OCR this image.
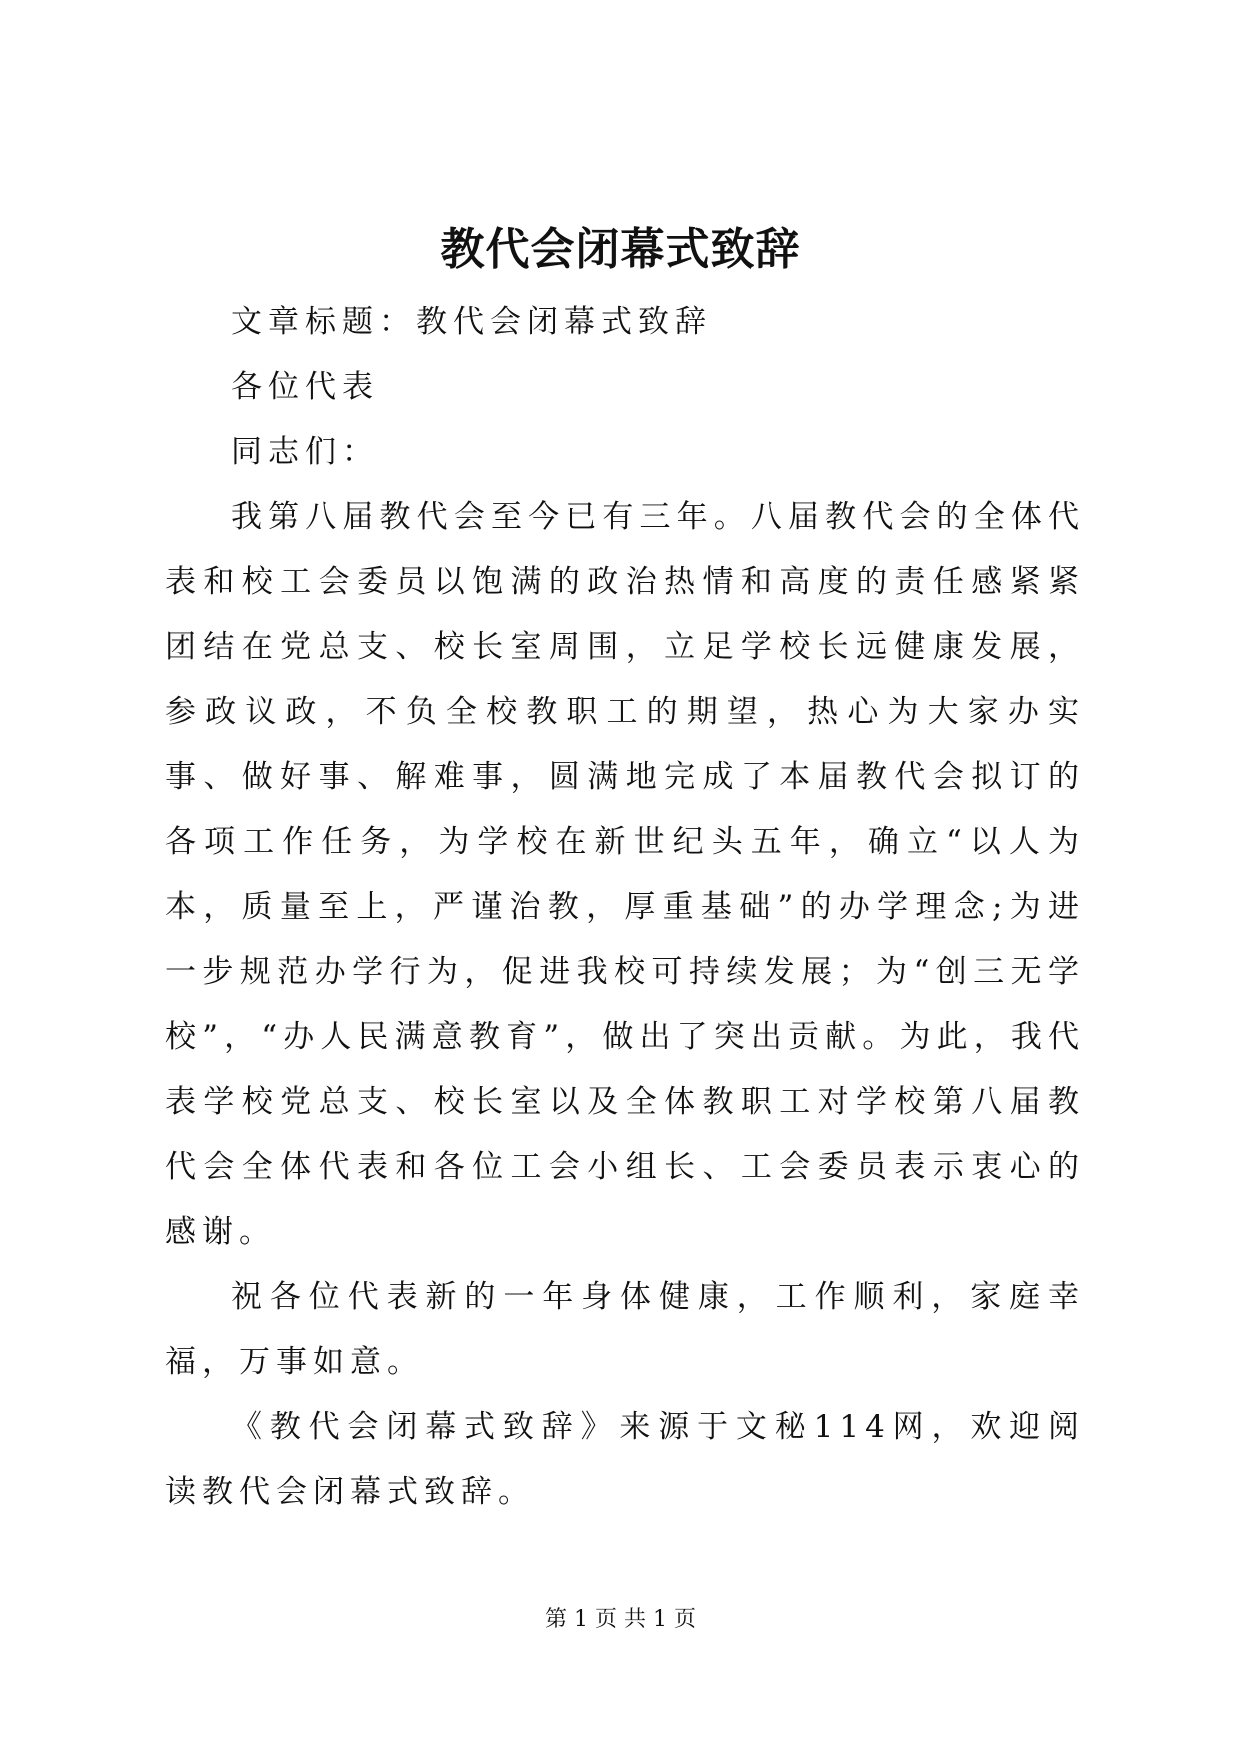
教代会闭幕式致辞

文章标题：教代会闭幕式致辞

各位代表

同志们：

我第八届教代会至今已有三年。八届教代会的全体代表和校工会委员以饱满的政治热情和高度的责任感紧紧团结在党总支、校长室周围，立足学校长远健康发展，参政议政，不负全校教职工的期望，热心为大家办实事、做好事、解难事，圆满地完成了本届教代会拟订的各项工作任务，为学校在新世纪头五年，确立“以人为本，质量至上，严谨治教，厚重基础”的办学理念;为进一步规范办学行为，促进我校可持续发展；为“创三无学校”，“办人民满意教育”，做出了突出贡献。为此，我代表学校党总支、校长室以及全体教职工对学校第八届教代会全体代表和各位工会小组长、工会委员表示衷心的感谢。

祝各位代表新的一年身体健康，工作顺利，家庭幸福，万事如意。

《教代会闭幕式致辞》来源于文秘114网，欢迎阅读教代会闭幕式致辞。

第 1 页 共 1 页
